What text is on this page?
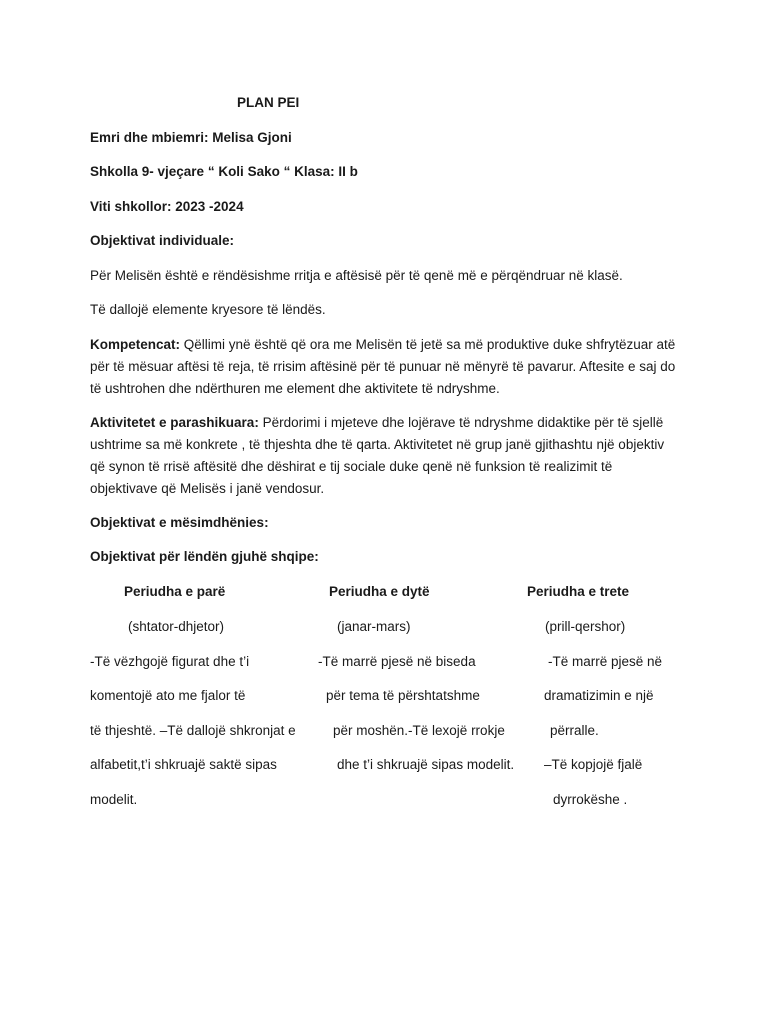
PLAN PEI
Emri dhe mbiemri: Melisa Gjoni
Shkolla 9- vjeçare “ Koli Sako “ Klasa: II b
Viti shkollor: 2023 -2024
Objektivat individuale:
Për Melisën është e rëndësishme rritja e aftësisë për të qenë më e përqëndruar në klasë.
Të dallojë elemente kryesore të lëndës.
Kompetencat: Qëllimi ynë është që ora me Melisën të jetë sa më produktive duke shfrytëzuar atë për të mësuar aftësi të reja, të rrisim aftësinë për të punuar në mënyrë të pavarur. Aftesite e saj do të ushtrohen dhe ndërthuren me element dhe aktivitete të ndryshme.
Aktivitetet e parashikuara: Përdorimi i mjeteve dhe lojërave të ndryshme didaktike për të sjellë ushtrime sa më konkrete , të thjeshta dhe të qarta. Aktivitetet në grup janë gjithashtu një objektiv që synon të rrisë aftësitë dhe dëshirat e tij sociale duke qenë në funksion të realizimit të objektivave që Melisës i janë vendosur.
Objektivat e mësimdhënies:
Objektivat për lëndën gjuhë shqipe:
Periudha e parë
(shtator-dhjetor)
-Të vëzhgojë figurat dhe t’i
komentojë ato me fjalor të
të thjeshtë. –Të dallojë shkronjat e
alfabetit,t’i shkruajë saktë sipas
modelit.
Periudha e dytë
(janar-mars)
-Të marrë pjesë në biseda
për tema të përshtatshme
për moshën.-Të lexojë rrokje
dhe t’i shkruajë sipas modelit.
Periudha e trete
(prill-qershor)
-Të marrë pjesë në
dramatizimin e një
përralle.
–Të kopjojë fjalë
dyrrokëshe .
